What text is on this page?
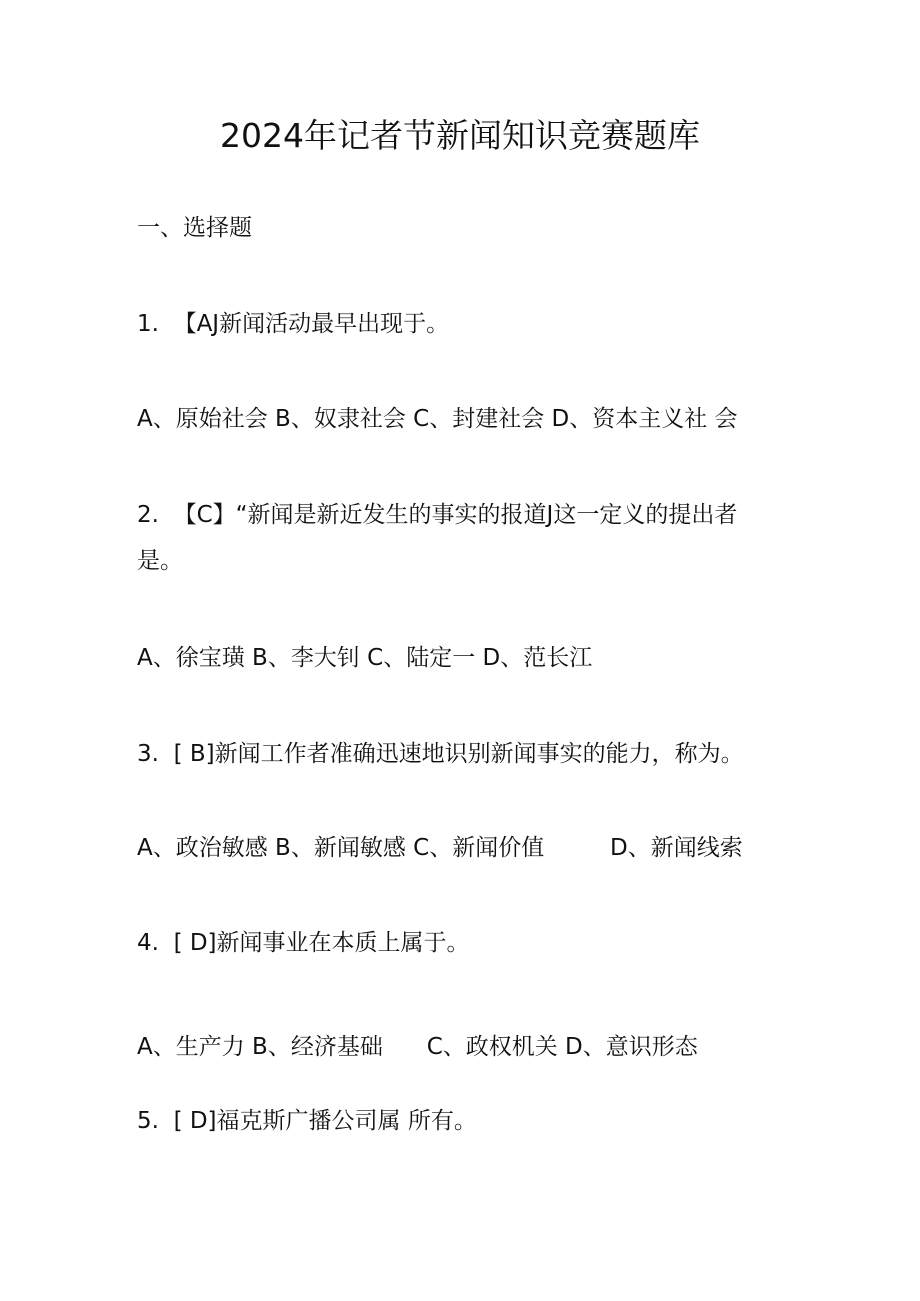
2024年记者节新闻知识竞赛题库
一、选择题
1.  【AJ新闻活动最早出现于。
A、原始社会 B、奴隶社会 C、封建社会 D、资本主义社 会
2.  【C】“新闻是新近发生的事实的报道J这一定义的提出者是。
A、徐宝璜 B、李大钊 C、陆定一 D、范长江
3.  [ B]新闻工作者准确迅速地识别新闻事实的能力，称为。
A、政治敏感 B、新闻敏感 C、新闻价值         D、新闻线索
4.  [ D]新闻事业在本质上属于。
A、生产力 B、经济基础      C、政权机关 D、意识形态
5.  [ D]福克斯广播公司属 所有。
